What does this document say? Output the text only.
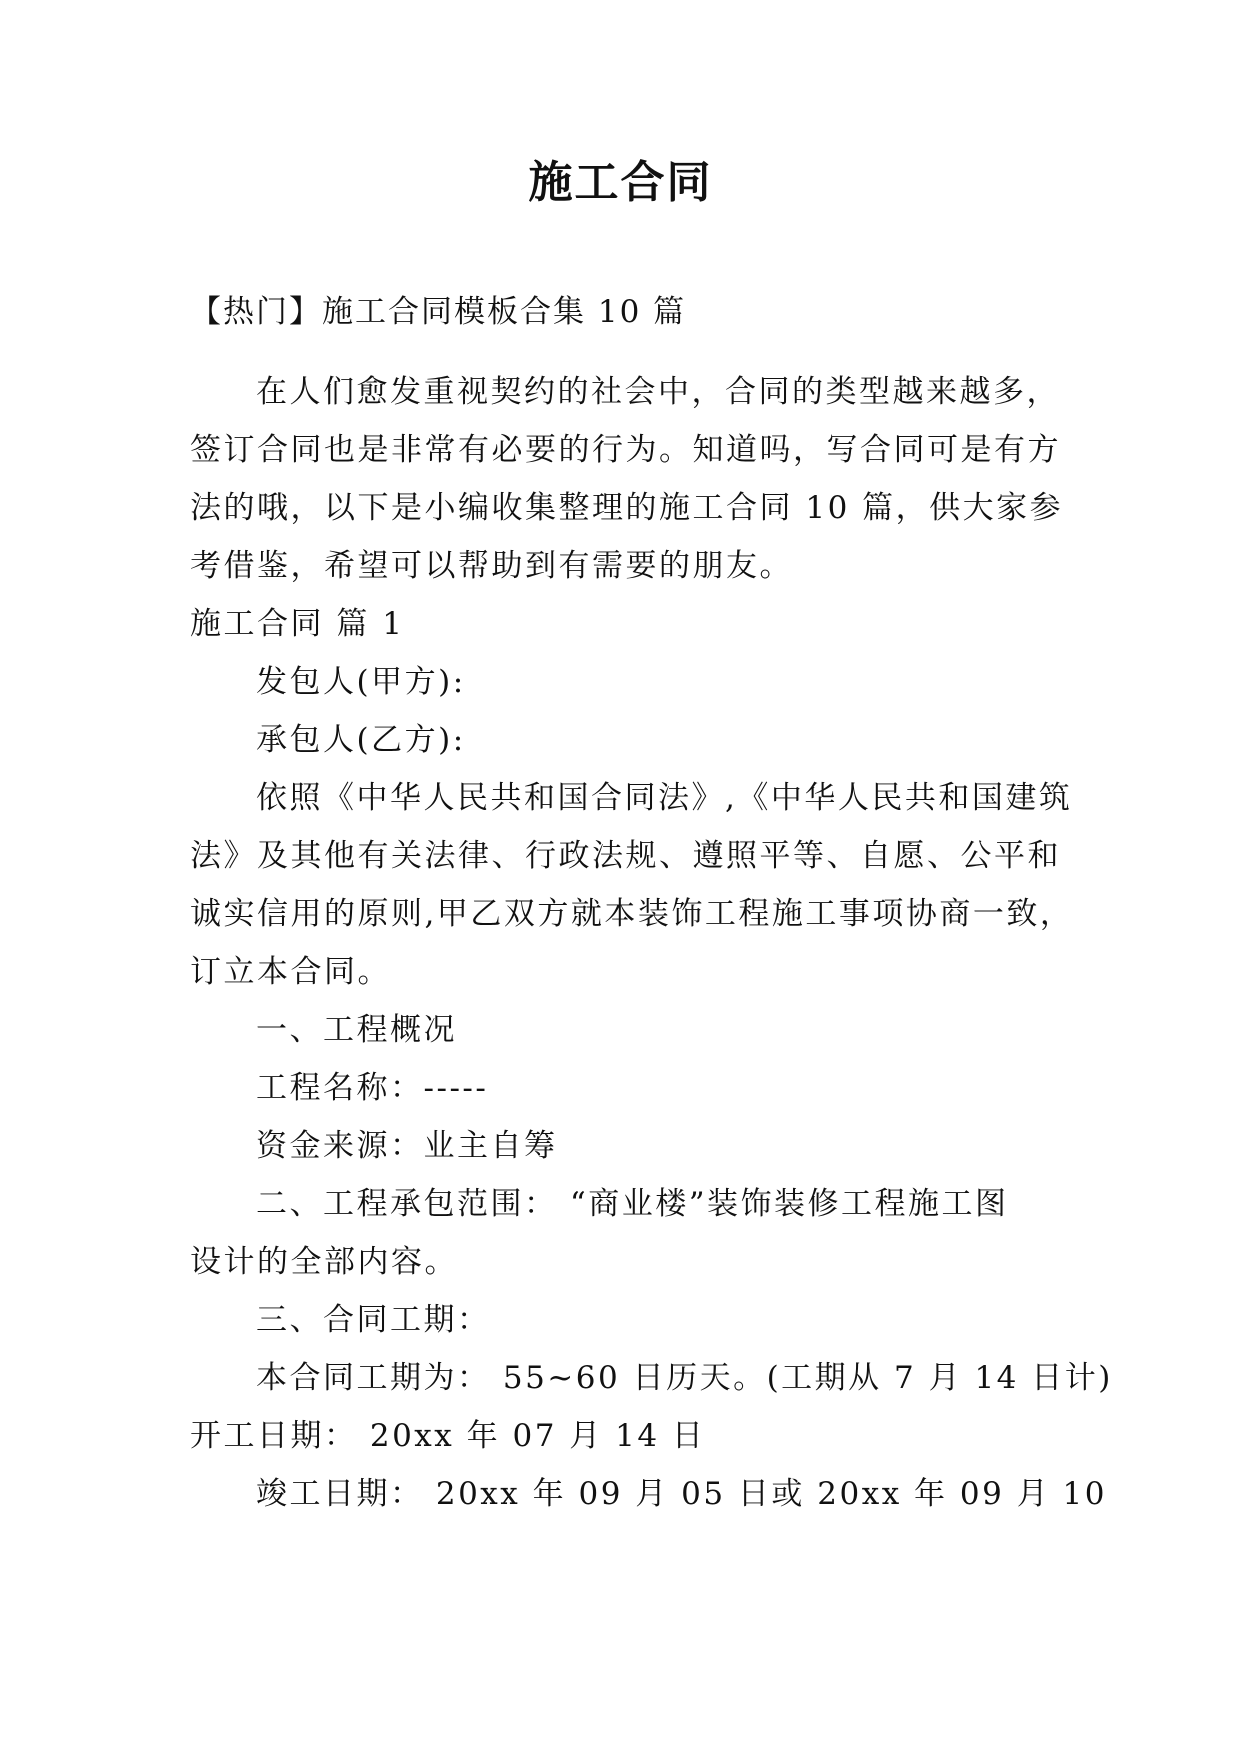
施工合同
【热门】施工合同模板合集 10 篇
在人们愈发重视契约的社会中，合同的类型越来越多，
签订合同也是非常有必要的行为。知道吗，写合同可是有方
法的哦，以下是小编收集整理的施工合同 10 篇，供大家参
考借鉴，希望可以帮助到有需要的朋友。
施工合同 篇 1
发包人(甲方):
承包人(乙方):
依照《中华人民共和国合同法》,《中华人民共和国建筑
法》及其他有关法律、行政法规、遵照平等、自愿、公平和
诚实信用的原则,甲乙双方就本装饰工程施工事项协商一致，
订立本合同。
一、工程概况
工程名称：-----
资金来源：业主自筹
二、工程承包范围： “商业楼”装饰装修工程施工图
设计的全部内容。
三、合同工期：
本合同工期为： 55~60 日历天。(工期从 7 月 14 日计)
开工日期： 20xx 年 07 月 14 日
竣工日期： 20xx 年 09 月 05 日或 20xx 年 09 月 10
